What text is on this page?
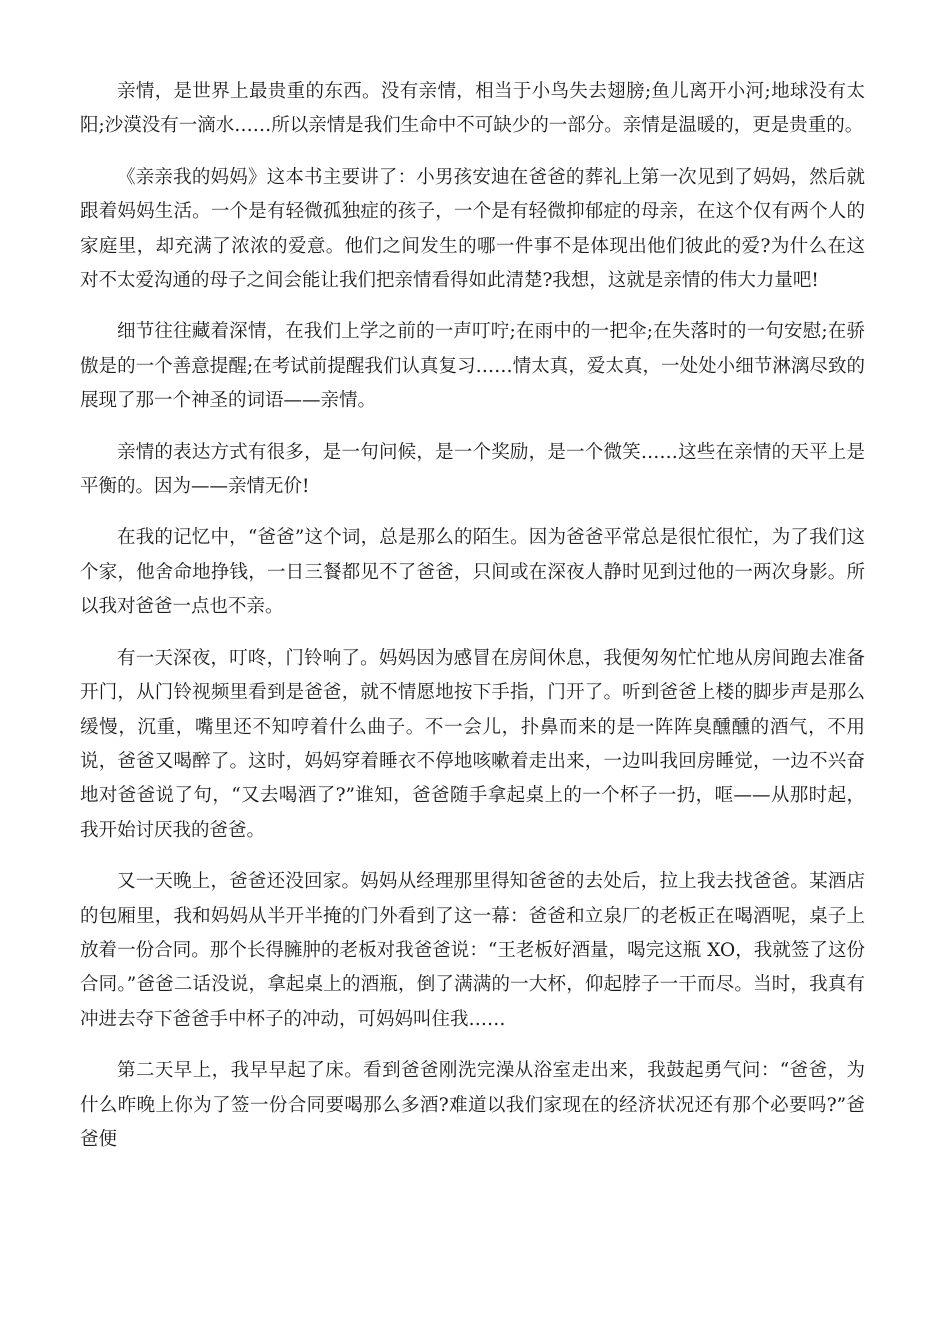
亲情，是世界上最贵重的东西。没有亲情，相当于小鸟失去翅膀;鱼儿离开小河;地球没有太阳;沙漠没有一滴水……所以亲情是我们生命中不可缺少的一部分。亲情是温暖的，更是贵重的。

《亲亲我的妈妈》这本书主要讲了：小男孩安迪在爸爸的葬礼上第一次见到了妈妈，然后就跟着妈妈生活。一个是有轻微孤独症的孩子，一个是有轻微抑郁症的母亲，在这个仅有两个人的家庭里，却充满了浓浓的爱意。他们之间发生的哪一件事不是体现出他们彼此的爱?为什么在这对不太爱沟通的母子之间会能让我们把亲情看得如此清楚?我想，这就是亲情的伟大力量吧!

细节往往藏着深情，在我们上学之前的一声叮咛;在雨中的一把伞;在失落时的一句安慰;在骄傲是的一个善意提醒;在考试前提醒我们认真复习……情太真，爱太真，一处处小细节淋漓尽致的展现了那一个神圣的词语——亲情。

亲情的表达方式有很多，是一句问候，是一个奖励，是一个微笑……这些在亲情的天平上是平衡的。因为——亲情无价!

在我的记忆中，“爸爸”这个词，总是那么的陌生。因为爸爸平常总是很忙很忙，为了我们这个家，他舍命地挣钱，一日三餐都见不了爸爸，只间或在深夜人静时见到过他的一两次身影。所以我对爸爸一点也不亲。

有一天深夜，叮咚，门铃响了。妈妈因为感冒在房间休息，我便匆匆忙忙地从房间跑去准备开门，从门铃视频里看到是爸爸，就不情愿地按下手指，门开了。听到爸爸上楼的脚步声是那么缓慢，沉重，嘴里还不知哼着什么曲子。不一会儿，扑鼻而来的是一阵阵臭醺醺的酒气，不用说，爸爸又喝醉了。这时，妈妈穿着睡衣不停地咳嗽着走出来，一边叫我回房睡觉，一边不兴奋地对爸爸说了句，“又去喝酒了?”谁知，爸爸随手拿起桌上的一个杯子一扔，哐——从那时起，我开始讨厌我的爸爸。

又一天晚上，爸爸还没回家。妈妈从经理那里得知爸爸的去处后，拉上我去找爸爸。某酒店的包厢里，我和妈妈从半开半掩的门外看到了这一幕：爸爸和立泉厂的老板正在喝酒呢，桌子上放着一份合同。那个长得臃肿的老板对我爸爸说：“王老板好酒量，喝完这瓶 XO，我就签了这份合同。”爸爸二话没说，拿起桌上的酒瓶，倒了满满的一大杯，仰起脖子一干而尽。当时，我真有冲进去夺下爸爸手中杯子的冲动，可妈妈叫住我……

第二天早上，我早早起了床。看到爸爸刚洗完澡从浴室走出来，我鼓起勇气问：“爸爸，为什么昨晚上你为了签一份合同要喝那么多酒?难道以我们家现在的经济状况还有那个必要吗?”爸爸便
